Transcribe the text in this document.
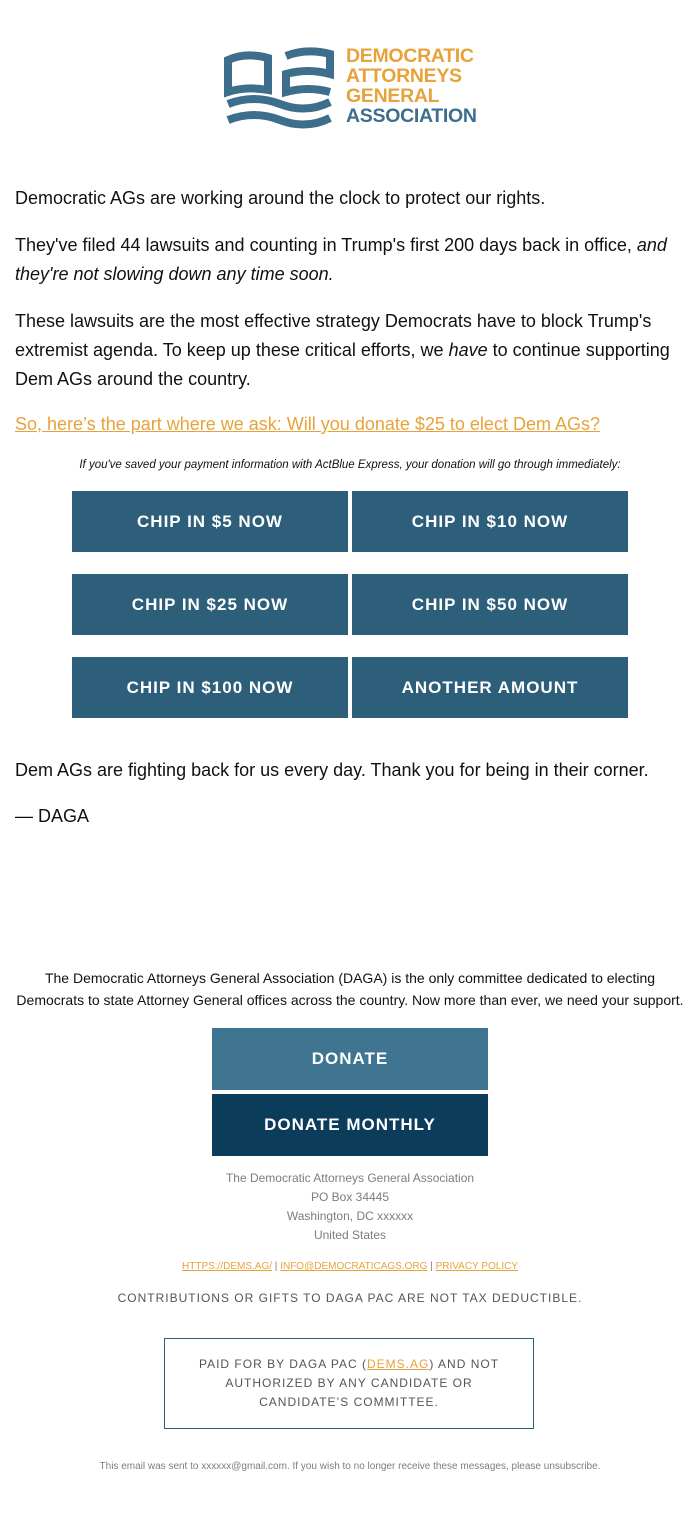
DEMOCRATIC
ATTORNEYS
GENERAL
ASSOCIATION

Democratic AGs are working around the clock to protect our rights.

They've filed 44 lawsuits and counting in Trump's first 200 days back in office, and they're not slowing down any time soon.

These lawsuits are the most effective strategy Democrats have to block Trump's extremist agenda. To keep up these critical efforts, we have to continue supporting Dem AGs around the country.

So, here’s the part where we ask: Will you donate $25 to elect Dem AGs?
If you've saved your payment information with ActBlue Express, your donation will go through immediately:
CHIP IN $5 NOW	CHIP IN $10 NOW
CHIP IN $25 NOW	CHIP IN $50 NOW
CHIP IN $100 NOW	ANOTHER AMOUNT

Dem AGs are fighting back for us every day. Thank you for being in their corner.

— DAGA

The Democratic Attorneys General Association (DAGA) is the only committee dedicated to electing
Democrats to state Attorney General offices across the country. Now more than ever, we need your support.
DONATE
DONATE MONTHLY
The Democratic Attorneys General Association
PO Box 34445
Washington, DC xxxxxx
United States
HTTPS://DEMS.AG/ | INFO@DEMOCRATICAGS.ORG | PRIVACY POLICY
CONTRIBUTIONS OR GIFTS TO DAGA PAC ARE NOT TAX DEDUCTIBLE.
PAID FOR BY DAGA PAC (DEMS.AG) AND NOT AUTHORIZED BY ANY CANDIDATE OR CANDIDATE’S COMMITTEE.
This email was sent to xxxxxx@gmail.com. If you wish to no longer receive these messages, please unsubscribe.
